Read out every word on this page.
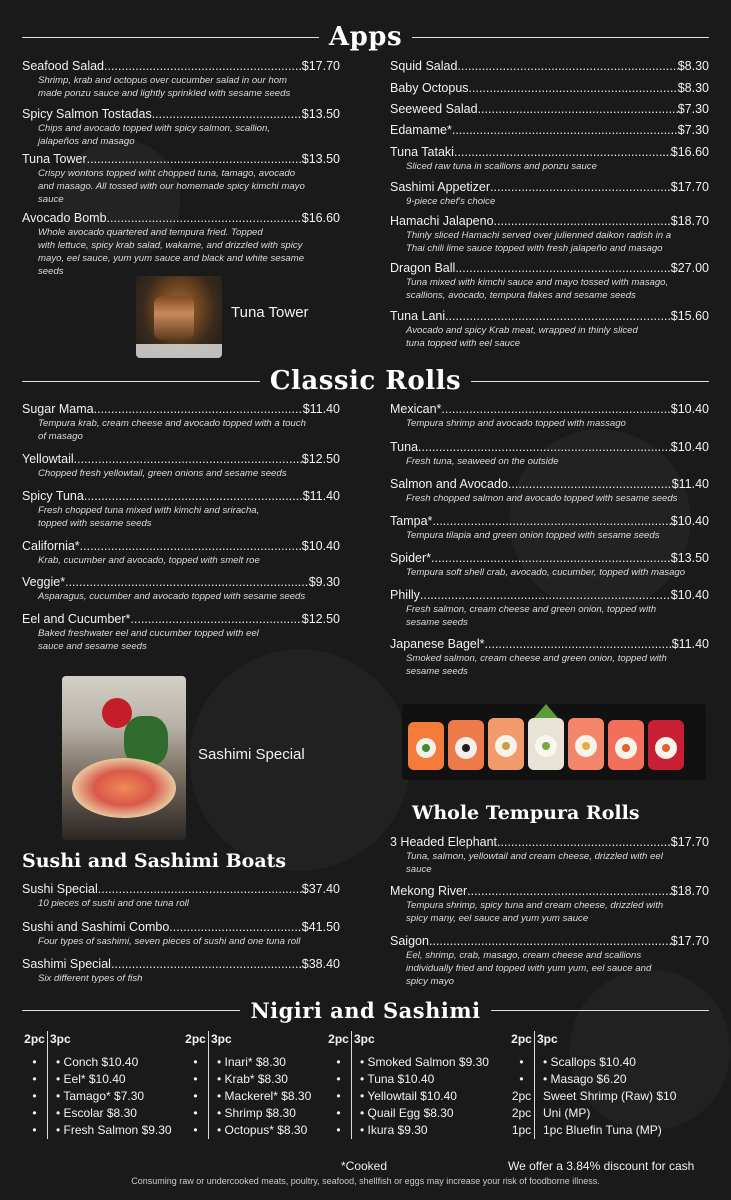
Apps
Classic Rolls
Nigiri and Sashimi
Seafood Salad .....	$17.70
Shrimp, krab and octopus over cucumber salad in our hom
made ponzu sauce and lightly sprinkled with sesame seeds
Spicy Salmon Tostadas .....	$13.50
Chips and avocado topped with spicy salmon, scallion,
jalapeños and masago
Tuna Tower .....	$13.50
Crispy wontons topped wiht chopped tuna, tamago, avocado
and masago. All tossed with our homemade spicy kimchi mayo
sauce
Avocado Bomb .....	$16.60
Whole avocado quartered and tempura fried. Topped
with lettuce, spicy krab salad, wakame, and drizzled with spicy
mayo, eel sauce, yum yum sauce and black and white sesame
seeds
Squid Salad .....	$8.30
Baby Octopus .....	$8.30
Seeweed Salad .....	$7.30
Edamame* .....	$7.30
Tuna Tataki .....	$16.60
Sliced raw tuna in scallions and ponzu sauce
Sashimi Appetizer .....	$17.70
9-piece chef's choice
Hamachi Jalapeno .....	$18.70
Thinly sliced Hamachi served over julienned daikon radish in a
Thai chili lime sauce topped with fresh jalapeño and masago
Dragon Ball .....	$27.00
Tuna mixed with kimchi sauce and mayo tossed with masago,
scallions, avocado, tempura flakes and sesame seeds
Tuna Lani .....	$15.60
Avocado and spicy Krab meat, wrapped in thinly sliced
tuna topped with eel sauce
Sugar Mama .....	$11.40
Tempura krab, cream cheese and avocado topped with a touch
of masago
Yellowtail .....	$12.50
Chopped fresh yellowtail, green onions and sesame seeds
Spicy Tuna .....	$11.40
Fresh chopped tuna mixed with kimchi and sriracha,
topped with sesame seeds
California* .....	$10.40
Krab, cucumber and avocado, topped with smelt roe
Veggie* .....	$9.30
Asparagus, cucumber and avocado topped with sesame seeds
Eel and Cucumber* .....	$12.50
Baked freshwater eel and cucumber topped with eel
sauce and sesame seeds
Mexican* .....	$10.40
Tempura shrimp and avocado topped with massago
Tuna .....	$10.40
Fresh tuna, seaweed on the outside
Salmon and Avocado .....	$11.40
Fresh chopped salmon and avocado topped with sesame seeds
Tampa* .....	$10.40
Tempura tilapia and green onion topped with sesame seeds
Spider* .....	$13.50
Tempura soft shell crab, avocado, cucumber, topped with masago
Philly .....	$10.40
Fresh salmon, cream cheese and green onion, topped with
sesame seeds
Japanese Bagel* .....	$11.40
Smoked salmon, cream cheese and green onion, topped with
sesame seeds
Sushi Special .....	$37.40
10 pieces of sushi and one tuna roll
Sushi and Sashimi Combo .....	$41.50
Four types of sashimi, seven pieces of sushi and one tuna roll
Sashimi Special .....	$38.40
Six different types of fish
3 Headed Elephant .....	$17.70
Tuna, salmon, yellowtail and cream cheese, drizzled with eel
sauce
Mekong River .....	$18.70
Tempura shrimp, spicy tuna and cream cheese, drizzled with
spicy many, eel sauce and yum yum sauce
Saigon .....	$17.70
Eel, shrimp, crab, masago, cream cheese and scallions
individually fried and topped with yum yum, eel sauce and
spicy mayo
Tuna Tower
Sashimi Special
Whole Tempura Rolls
Sushi and Sashimi Boats
2pc 3pc
•	• Conch $10.40
•	• Eel* $10.40
•	• Tamago* $7.30
•	• Escolar $8.30
•	• Fresh Salmon $9.30
2pc 3pc
•	• Inari* $8.30
•	• Krab* $8.30
•	• Mackerel* $8.30
•	• Shrimp $8.30
•	• Octopus* $8.30
2pc 3pc
•	• Smoked Salmon $9.30
•	• Tuna $10.40
•	• Yellowtail $10.40
•	• Quail Egg $8.30
•	• Ikura $9.30
2pc 3pc
•	• Scallops $10.40
•	• Masago $6.20
2pc Sweet Shrimp (Raw) $10
2pc Uni (MP)
1pc 1pc Bluefin Tuna (MP)
*Cooked	We offer a 3.84% discount for cash
Consuming raw or undercooked meats, poultry, seafood, shellfish or eggs may increase your risk of foodborne illness.
